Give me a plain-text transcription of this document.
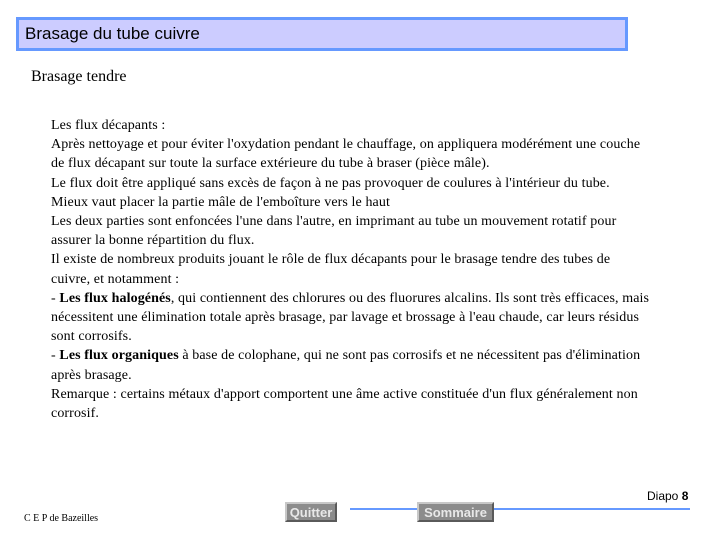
Brasage du tube cuivre
Brasage tendre

Les flux décapants :

Après nettoyage et pour éviter l'oxydation pendant le chauffage, on appliquera modérément une couche de flux décapant sur toute la surface extérieure du tube à braser (pièce mâle).

Le flux doit être appliqué sans excès de façon à ne pas provoquer de coulures à l'intérieur du tube.

Mieux vaut placer la partie mâle de l'emboîture vers le haut

Les deux parties sont enfoncées l'une dans l'autre, en imprimant au tube un mouvement rotatif pour assurer la bonne répartition du flux.

Il existe de nombreux produits jouant le rôle de flux décapants pour le brasage tendre des tubes de cuivre, et notamment :

- Les flux halogénés, qui contiennent des chlorures ou des fluorures alcalins. Ils sont très efficaces, mais nécessitent une élimination totale après brasage, par lavage et brossage à l'eau chaude, car leurs résidus sont corrosifs.

- Les flux organiques à base de colophane, qui ne sont pas corrosifs et ne nécessitent pas d'élimination après brasage.

Remarque : certains métaux d'apport comportent une âme active constituée d'un flux généralement non corrosif.

Diapo 8
C E P de Bazeilles	Quitter	Sommaire
